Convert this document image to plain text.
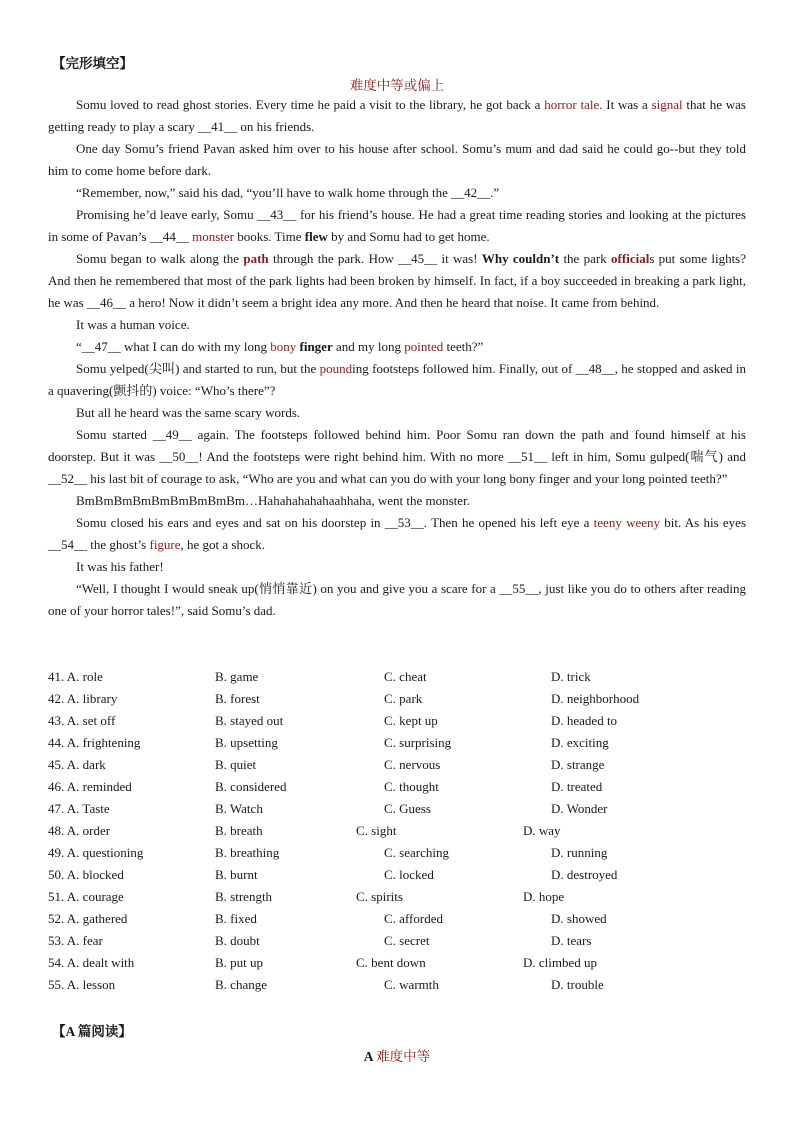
【完形填空】
难度中等或偏上

Somu loved to read ghost stories. Every time he paid a visit to the library, he got back a horror tale. It was a signal that he was getting ready to play a scary __41__ on his friends.

One day Somu’s friend Pavan asked him over to his house after school. Somu’s mum and dad said he could go--but they told him to come home before dark.

“Remember, now,” said his dad, “you’ll have to walk home through the __42__.”

Promising he’d leave early, Somu __43__ for his friend’s house. He had a great time reading stories and looking at the pictures in some of Pavan’s __44__ monster books. Time flew by and Somu had to get home.

Somu began to walk along the path through the park. How __45__ it was! Why couldn’t the park officials put some lights? And then he remembered that most of the park lights had been broken by himself. In fact, if a boy succeeded in breaking a park light, he was __46__ a hero! Now it didn’t seem a bright idea any more. And then he heard that noise. It came from behind.

It was a human voice.

“__47__ what I can do with my long bony finger and my long pointed teeth?”

Somu yelped(尖叫) and started to run, but the pounding footsteps followed him. Finally, out of __48__, he stopped and asked in a quavering(颤抖的) voice: “Who’s there”?

But all he heard was the same scary words.

Somu started __49__ again. The footsteps followed behind him. Poor Somu ran down the path and found himself at his doorstep. But it was __50__! And the footsteps were right behind him. With no more __51__ left in him, Somu gulped(喘气) and __52__ his last bit of courage to ask, “Who are you and what can you do with your long bony finger and your long pointed teeth?”

BmBmBmBmBmBmBmBmBm…Hahahahahahaahhaha, went the monster.

Somu closed his ears and eyes and sat on his doorstep in __53__. Then he opened his left eye a teeny weeny bit. As his eyes __54__ the ghost’s figure, he got a shock.

It was his father!

“Well, I thought I would sneak up(悄悄靠近) on you and give you a scare for a __55__, just like you do to others after reading one of your horror tales!”, said Somu’s dad.

41. A. role	B. game	C. cheat	D. trick
42. A. library	B. forest	C. park	D. neighborhood
43. A. set off	B. stayed out	C. kept up	D. headed to
44. A. frightening	B. upsetting	C. surprising	D. exciting
45. A. dark	B. quiet	C. nervous	D. strange
46. A. reminded	B. considered	C. thought	D. treated
47. A. Taste	B. Watch	C. Guess	D. Wonder
48. A. order	B. breath	C. sight	D. way
49. A. questioning	B. breathing	C. searching	D. running
50. A. blocked	B. burnt	C. locked	D. destroyed
51. A. courage	B. strength	C. spirits	D. hope
52. A. gathered	B. fixed	C. afforded	D. showed
53. A. fear	B. doubt	C. secret	D. tears
54. A. dealt with	B. put up	C. bent down	D. climbed up
55. A. lesson	B. change	C. warmth	D. trouble
【A 篇阅读】
A 难度中等
